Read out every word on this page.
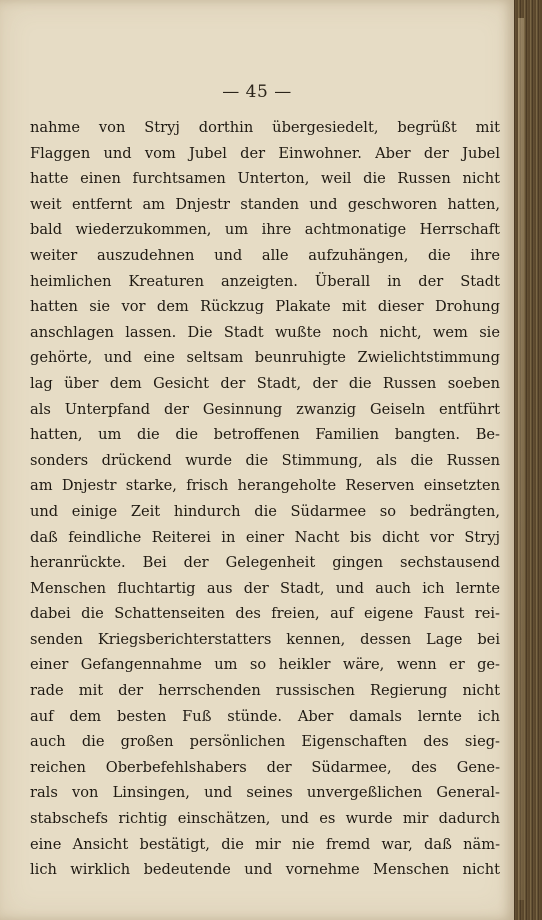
— 45 —
nahme von Stryj dorthin übergesiedelt, begrüßt mit
Flaggen und vom Jubel der Einwohner. Aber der Jubel
hatte einen furchtsamen Unterton, weil die Russen nicht
weit entfernt am Dnjestr standen und geschworen hatten,
bald wiederzukommen, um ihre achtmonatige Herrschaft
weiter auszudehnen und alle aufzuhängen, die ihre
heimlichen Kreaturen anzeigten. Überall in der Stadt
hatten sie vor dem Rückzug Plakate mit dieser Drohung
anschlagen lassen. Die Stadt wußte noch nicht, wem sie
gehörte, und eine seltsam beunruhigte Zwielichtstimmung
lag über dem Gesicht der Stadt, der die Russen soeben
als Unterpfand der Gesinnung zwanzig Geiseln entführt
hatten, um die die betroffenen Familien bangten. Be-
sonders drückend wurde die Stimmung, als die Russen
am Dnjestr starke, frisch herangeholte Reserven einsetzten
und einige Zeit hindurch die Südarmee so bedrängten,
daß feindliche Reiterei in einer Nacht bis dicht vor Stryj
heranrückte. Bei der Gelegenheit gingen sechstausend
Menschen fluchtartig aus der Stadt, und auch ich lernte
dabei die Schattenseiten des freien, auf eigene Faust rei-
senden Kriegsberichterstatters kennen, dessen Lage bei
einer Gefangennahme um so heikler wäre, wenn er ge-
rade mit der herrschenden russischen Regierung nicht
auf dem besten Fuß stünde. Aber damals lernte ich
auch die großen persönlichen Eigenschaften des sieg-
reichen Oberbefehlshabers der Südarmee, des Gene-
rals von Linsingen, und seines unvergeßlichen General-
stabschefs richtig einschätzen, und es wurde mir dadurch
eine Ansicht bestätigt, die mir nie fremd war, daß näm-
lich wirklich bedeutende und vornehme Menschen nicht
